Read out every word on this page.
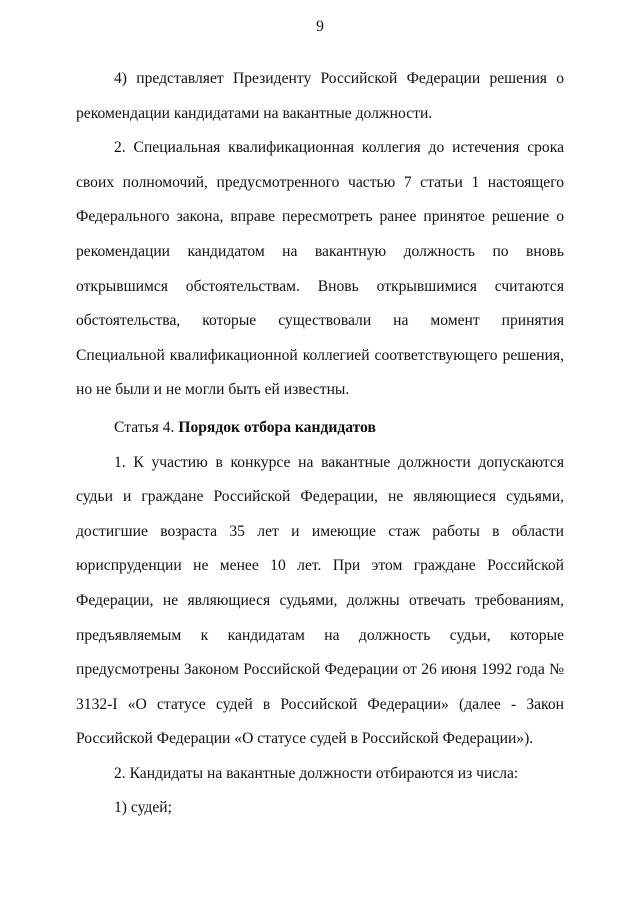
9

4) представляет Президенту Российской Федерации решения о рекомендации кандидатами на вакантные должности.

2. Специальная квалификационная коллегия до истечения срока своих полномочий, предусмотренного частью 7 статьи 1 настоящего Федерального закона, вправе пересмотреть ранее принятое решение о рекомендации кандидатом на вакантную должность по вновь открывшимся обстоятельствам. Вновь открывшимися считаются обстоятельства, которые существовали на момент принятия Специальной квалификационной коллегией соответствующего решения, но не были и не могли быть ей известны.

Статья 4. Порядок отбора кандидатов

1. К участию в конкурсе на вакантные должности допускаются судьи и граждане Российской Федерации, не являющиеся судьями, достигшие возраста 35 лет и имеющие стаж работы в области юриспруденции не менее 10 лет. При этом граждане Российской Федерации, не являющиеся судьями, должны отвечать требованиям, предъявляемым к кандидатам на должность судьи, которые предусмотрены Законом Российской Федерации от 26 июня 1992 года № 3132-I «О статусе судей в Российской Федерации» (далее - Закон Российской Федерации «О статусе судей в Российской Федерации»).

2. Кандидаты на вакантные должности отбираются из числа:

1) судей;
